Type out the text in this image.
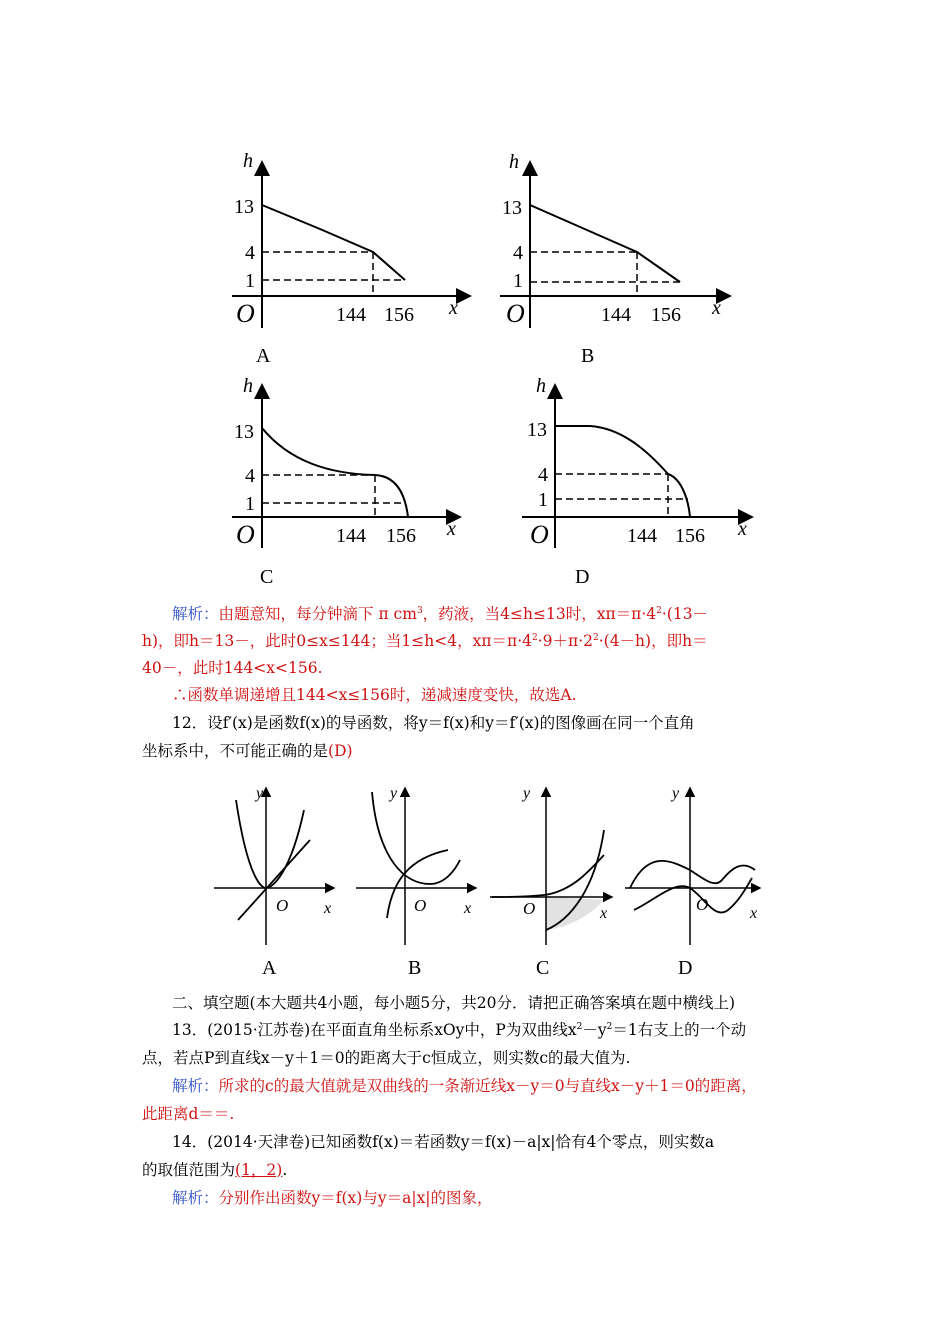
h
13
4
1
O	144 156 x
A
h
13
4
1
O	144 156 x
B
h
13
4
1
O	144 156 x
C
h
13
4
1
O	144 156 x
D
解析：由题意知，每分钟滴下 π $cm^3$，药液，当4≤h≤13时，$x\pi=\pi\cdot 4^2\cdot(13-$
h)，即h＝13－，此时0≤x≤144；当1≤h<4，$x\pi=\pi\cdot 4^2\cdot 9+\pi\cdot 2^2\cdot(4-h)$，即h＝
40－，此时144<x<156.
∴函数单调递增且144<x≤156时，递减速度变快，故选A.
12．设f′(x)是函数f(x)的导函数，将y＝f(x)和y＝f′(x)的图像画在同一个直角
坐标系中，不可能正确的是(D)
y
O x
A
y
O x
B
y
O	x
C
y
O	x
D
二、填空题(本大题共4小题，每小题5分，共20分．请把正确答案填在题中横线上)
13．(2015·江苏卷)在平面直角坐标系xOy中，P为双曲线$x^2-y^2=1$右支上的一个动
点，若点P到直线x－y＋1＝0的距离大于c恒成立，则实数c的最大值为.
解析：所求的c的最大值就是双曲线的一条渐近线x－y＝0与直线x－y＋1＝0的距离，
此距离d＝＝.
14．(2014·天津卷)已知函数f(x)＝若函数y＝f(x)－a|x|恰有4个零点，则实数a
的取值范围为(1，2).
解析：分别作出函数y＝f(x)与y＝a|x|的图象，
